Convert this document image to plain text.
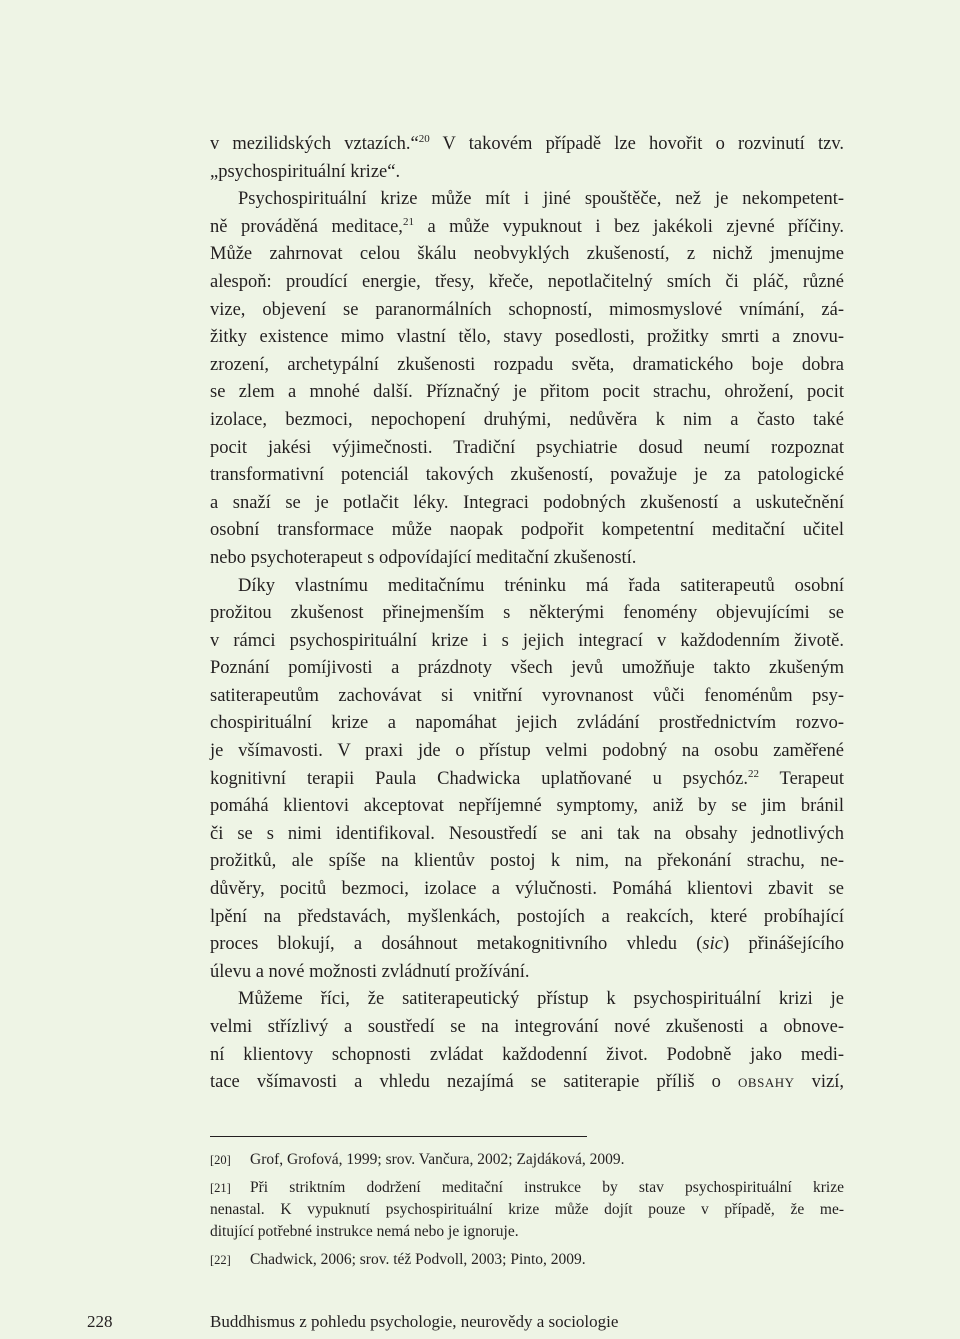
v mezilidských vztazích.“$^{20}$ V takovém případě lze hovořit o rozvinutí tzv.
„psychospirituální krize“.
Psychospirituální krize může mít i jiné spouštěče, než je nekompetent-
ně prováděná meditace,$^{21}$ a může vypuknout i bez jakékoli zjevné příčiny.
Může zahrnovat celou škálu neobvyklých zkušeností, z nichž jmenujme
alespoň: proudící energie, třesy, křeče, nepotlačitelný smích či pláč, různé
vize, objevení se paranormálních schopností, mimosmyslové vnímání, zá-
žitky existence mimo vlastní tělo, stavy posedlosti, prožitky smrti a znovu-
zrození, archetypální zkušenosti rozpadu světa, dramatického boje dobra
se zlem a mnohé další. Příznačný je přitom pocit strachu, ohrožení, pocit
izolace, bezmoci, nepochopení druhými, nedůvěra k nim a často také
pocit jakési výjimečnosti. Tradiční psychiatrie dosud neumí rozpoznat
transformativní potenciál takových zkušeností, považuje je za patologické
a snaží se je potlačit léky. Integraci podobných zkušeností a uskutečnění
osobní transformace může naopak podpořit kompetentní meditační učitel
nebo psychoterapeut s odpovídající meditační zkušeností.
Díky vlastnímu meditačnímu tréninku má řada satiterapeutů osobní
prožitou zkušenost přinejmenším s některými fenomény objevujícími se
v rámci psychospirituální krize i s jejich integrací v každodenním životě.
Poznání pomíjivosti a prázdnoty všech jevů umožňuje takto zkušeným
satiterapeutům zachovávat si vnitřní vyrovnanost vůči fenoménům psy-
chospirituální krize a napomáhat jejich zvládání prostřednictvím rozvo-
je všímavosti. V praxi jde o přístup velmi podobný na osobu zaměřené
kognitivní terapii Paula Chadwicka uplatňované u psychóz.$^{22}$ Terapeut
pomáhá klientovi akceptovat nepříjemné symptomy, aniž by se jim bránil
či se s nimi identifikoval. Nesoustředí se ani tak na obsahy jednotlivých
prožitků, ale spíše na klientův postoj k nim, na překonání strachu, ne-
důvěry, pocitů bezmoci, izolace a výlučnosti. Pomáhá klientovi zbavit se
lpění na představách, myšlenkách, postojích a reakcích, které probíhající
proces blokují, a dosáhnout metakognitivního vhledu (sic) přinášejícího
úlevu a nové možnosti zvládnutí prožívání.
Můžeme říci, že satiterapeutický přístup k psychospirituální krizi je
velmi střízlivý a soustředí se na integrování nové zkušenosti a obnove-
ní klientovy schopnosti zvládat každodenní život. Podobně jako medi-
tace všímavosti a vhledu nezajímá se satiterapie příliš o obsahy vizí,
[20] Grof, Grofová, 1999; srov. Vančura, 2002; Zajdáková, 2009.
[21] Při striktním dodržení meditační instrukce by stav psychospirituální krize
nenastal. K vypuknutí psychospirituální krize může dojít pouze v případě, že me-
ditující potřebné instrukce nemá nebo je ignoruje.
[22] Chadwick, 2006; srov. též Podvoll, 2003; Pinto, 2009.
228	Buddhismus z pohledu psychologie, neurovědy a sociologie
